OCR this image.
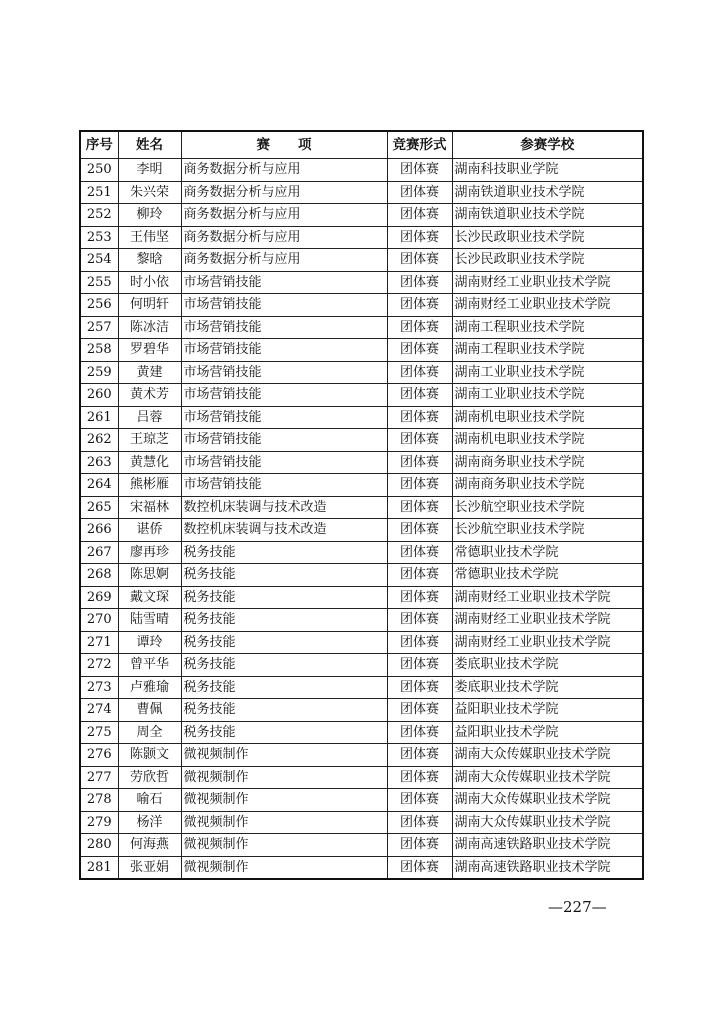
序号	姓名	赛项	竞赛形式	参赛学校
250	李明	商务数据分析与应用	团体赛	湖南科技职业学院
251	朱兴荣	商务数据分析与应用	团体赛	湖南铁道职业技术学院
252	柳玲	商务数据分析与应用	团体赛	湖南铁道职业技术学院
253	王伟坚	商务数据分析与应用	团体赛	长沙民政职业技术学院
254	黎晗	商务数据分析与应用	团体赛	长沙民政职业技术学院
255	时小依	市场营销技能	团体赛	湖南财经工业职业技术学院
256	何明轩	市场营销技能	团体赛	湖南财经工业职业技术学院
257	陈冰洁	市场营销技能	团体赛	湖南工程职业技术学院
258	罗碧华	市场营销技能	团体赛	湖南工程职业技术学院
259	黄建	市场营销技能	团体赛	湖南工业职业技术学院
260	黄术芳	市场营销技能	团体赛	湖南工业职业技术学院
261	吕蓉	市场营销技能	团体赛	湖南机电职业技术学院
262	王琼芝	市场营销技能	团体赛	湖南机电职业技术学院
263	黄慧化	市场营销技能	团体赛	湖南商务职业技术学院
264	熊彬雁	市场营销技能	团体赛	湖南商务职业技术学院
265	宋福林	数控机床装调与技术改造	团体赛	长沙航空职业技术学院
266	谌侨	数控机床装调与技术改造	团体赛	长沙航空职业技术学院
267	廖再珍	税务技能	团体赛	常德职业技术学院
268	陈思婀	税务技能	团体赛	常德职业技术学院
269	戴文琛	税务技能	团体赛	湖南财经工业职业技术学院
270	陆雪晴	税务技能	团体赛	湖南财经工业职业技术学院
271	谭玲	税务技能	团体赛	湖南财经工业职业技术学院
272	曾平华	税务技能	团体赛	娄底职业技术学院
273	卢雅瑜	税务技能	团体赛	娄底职业技术学院
274	曹佩	税务技能	团体赛	益阳职业技术学院
275	周全	税务技能	团体赛	益阳职业技术学院
276	陈颢文	微视频制作	团体赛	湖南大众传媒职业技术学院
277	劳欣哲	微视频制作	团体赛	湖南大众传媒职业技术学院
278	喻石	微视频制作	团体赛	湖南大众传媒职业技术学院
279	杨洋	微视频制作	团体赛	湖南大众传媒职业技术学院
280	何海燕	微视频制作	团体赛	湖南高速铁路职业技术学院
281	张亚娟	微视频制作	团体赛	湖南高速铁路职业技术学院
—227—
